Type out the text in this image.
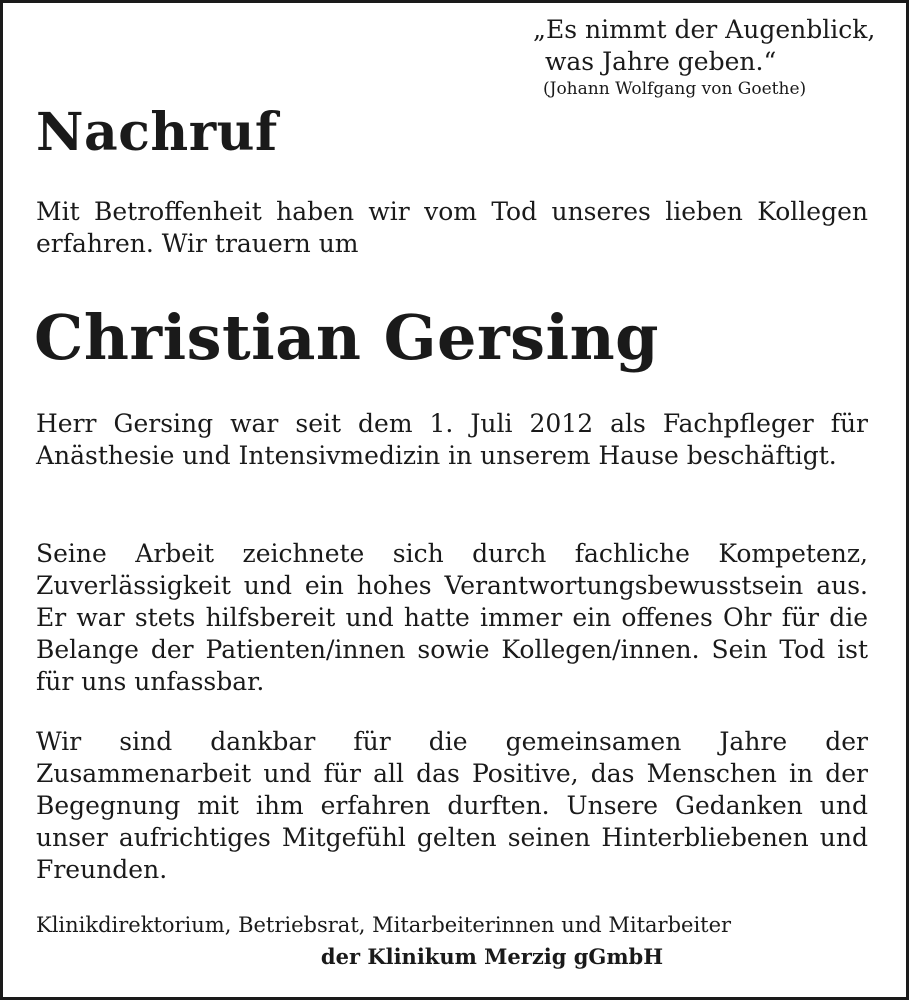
„Es nimmt der Augenblick,
was Jahre geben.“
(Johann Wolfgang von Goethe)
Nachruf

Mit Betroffenheit haben wir vom Tod unseres lieben Kollegen erfahren. Wir trauern um

Christian Gersing

Herr Gersing war seit dem 1. Juli 2012 als Fachpfleger für Anästhesie und Intensivmedizin in unserem Hause beschäftigt.

Seine Arbeit zeichnete sich durch fachliche Kompetenz, Zuverlässigkeit und ein hohes Verantwortungsbewusstsein aus. Er war stets hilfsbereit und hatte immer ein offenes Ohr für die Belange der Patienten/innen sowie Kollegen/innen. Sein Tod ist für uns unfassbar.

Wir sind dankbar für die gemeinsamen Jahre der Zusammenarbeit und für all das Positive, das Menschen in der Begegnung mit ihm erfahren durften. Unsere Gedanken und unser aufrichtiges Mitgefühl gelten seinen Hinterbliebenen und Freunden.

Klinikdirektorium, Betriebsrat, Mitarbeiterinnen und Mitarbeiter
der Klinikum Merzig gGmbH
